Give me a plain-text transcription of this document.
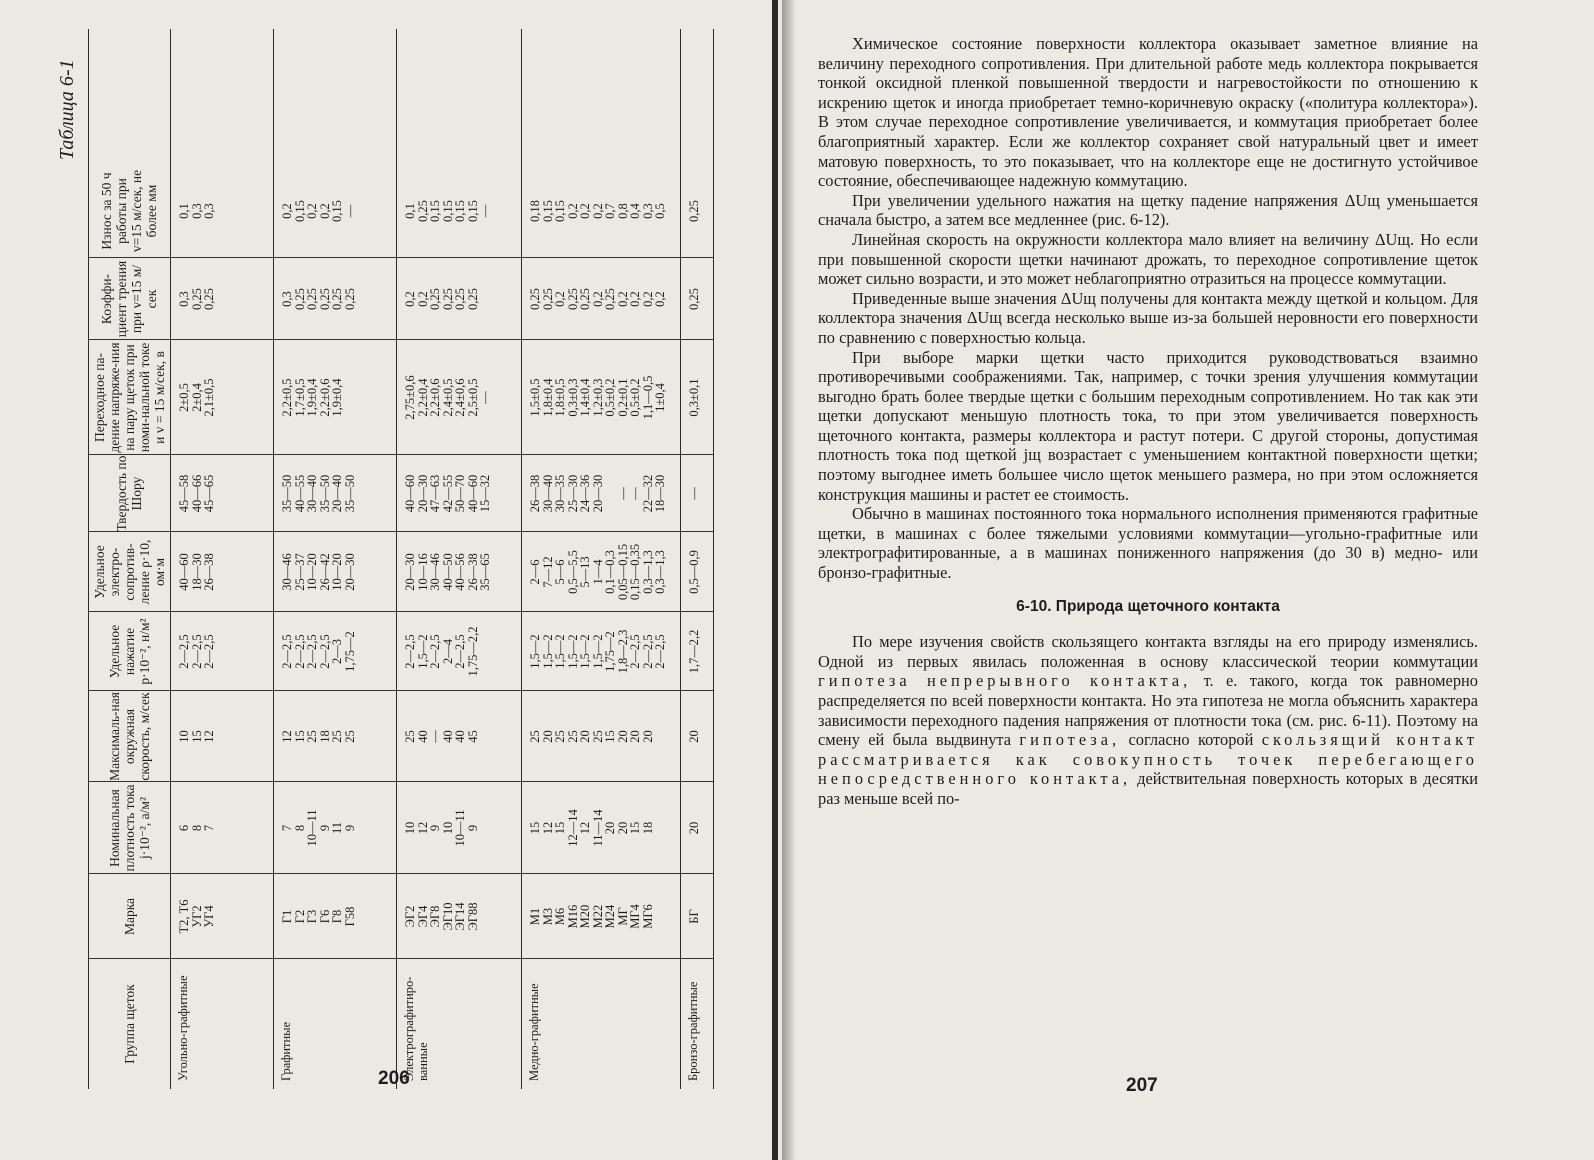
Таблица 6-1
Группа щеток
Марка
Номинальная плотность тока j·10⁻², а/м²
Максималь-ная окружная скорость, м/сек
Удельное нажатие p·10⁻², н/м²
Удельное электро-сопротив-ление ρ·10, ом·м
Твердость по Шору
Переходное па-дение напряже-ния на пару щеток при номи-нальной токе и v = 15 м/сек, в
Коэффи-циент трения при v=15 м/сек
Износ за 50 ч работы при v=15 м/сек, не более мм
Угольно-графитные
Т2, Т6
6
10
2—2,5
40—60
45—58
2±0,5
0,3
0,1
УГ2
8
15
2—2,5
18—30
40—66
2±0,4
0,25
0,3
УГ4
7
12
2—2,5
26—38
45—65
2,1±0,5
0,25
0,3
Графитные
Г1
7
12
2—2,5
30—46
35—50
2,2±0,5
0,3
0,2
Г2
8
15
2—2,5
25—37
40—55
1,7±0,5
0,25
0,15
Г3
10—11
25
2—2,5
10—20
30—40
1,9±0,4
0,25
0,2
Г6
9
18
2—2,5
26—42
35—50
2,2±0,6
0,25
0,2
Г8
11
25
2—3
10—20
20—40
1,9±0,4
0,25
0,15
Г58
9
25
1,75—2
20—30
35—50
0,25
—
Электрографитиро-ванные
ЭГ2
10
25
2—2,5
20—30
40—60
2,75±0,6
0,2
0,1
ЭГ4
12
40
1,5—2
10—16
20—30
2,2±0,4
0,2
0,25
ЭГ8
9
—
2—2,5
30—46
47—63
2,2±0,6
0,25
0,15
ЭГ10
10
40
2—4
40—50
42—55
2,4±0,5
0,25
0,15
ЭГ14
10—11
40
2—2,5
40—56
50—70
2,4±0,6
0,25
0,15
ЭГ88
9
45
1,75—2,2
26—38
40—60
2,5±0,5
0,25
0,15
35—65
15—32
—
—
Медно-графитные
М1
15
25
1,5—2
2—6
26—38
1,5±0,5
0,25
0,18
М3
12
20
1,5—2
7—12
30—40
1,8±0,4
0,25
0,15
М6
15
25
1,5—2
5—6
30—35
1,8±0,5
0,2
0,15
М16
12—14
25
1,5—2
0,5—5,5
25—30
0,3±0,3
0,25
0,2
М20
12
20
1,5—2
5—13
24—36
1,4±0,4
0,25
0,2
М22
11—14
25
1,5—2
1—4
20—30
1,2±0,3
0,2
0,2
М24
20
15
1,75—2
0,1—0,3
0,5±0,2
0,25
0,7
МГ
20
20
1,8—2,3
0,05—0,15
—
0,2±0,1
0,2
0,8
МГ4
15
20
2—2,5
0,15—0,35
—
0,5±0,2
0,2
0,4
МГ6
18
20
2—2,5
0,3—1,3
22—32
1,1—0,5
0,2
0,3
2—2,5
0,3—1,3
18—30
1±0,4
0,2
0,5
Бронзо-графитные
БГ
20
20
1,7—2,2
0,5—0,9
—
0,3±0,1
0,25
0,25
206

Химическое состояние поверхности коллектора оказывает заметное влияние на величину переходного сопротивления. При длительной работе медь коллектора покрывается тонкой оксидной пленкой повышенной твердости и нагревостойкости по отношению к искрению щеток и иногда приобретает темно-коричневую окраску («политура коллектора»). В этом случае переходное сопротивление увеличивается, и коммутация приобретает более благоприятный характер. Если же коллектор сохраняет свой натуральный цвет и имеет матовую поверхность, то это показывает, что на коллекторе еще не достигнуто устойчивое состояние, обеспечивающее надежную коммутацию.

При увеличении удельного нажатия на щетку падение напряжения ΔUщ уменьшается сначала быстро, а затем все медленнее (рис. 6-12).

Линейная скорость на окружности коллектора мало влияет на величину ΔUщ. Но если при повышенной скорости щетки начинают дрожать, то переходное сопротивление щеток может сильно возрасти, и это может неблагоприятно отразиться на процессе коммутации.

Приведенные выше значения ΔUщ получены для контакта между щеткой и кольцом. Для коллектора значения ΔUщ всегда несколько выше из-за большей неровности его поверхности по сравнению с поверхностью кольца.

При выборе марки щетки часто приходится руководствоваться взаимно противоречивыми соображениями. Так, например, с точки зрения улучшения коммутации выгодно брать более твердые щетки с большим переходным сопротивлением. Но так как эти щетки допускают меньшую плотность тока, то при этом увеличивается поверхность щеточного контакта, размеры коллектора и растут потери. С другой стороны, допустимая плотность тока под щеткой jщ возрастает с уменьшением контактной поверхности щетки; поэтому выгоднее иметь большее число щеток меньшего размера, но при этом осложняется конструкция машины и растет ее стоимость.

Обычно в машинах постоянного тока нормального исполнения применяются графитные щетки, в машинах с более тяжелыми условиями коммутации—угольно-графитные или электрографитированные, а в машинах пониженного напряжения (до 30 в) медно- или бронзо-графитные.

6-10. Природа щеточного контакта

По мере изучения свойств скользящего контакта взгляды на его природу изменялись. Одной из первых явилась положенная в основу классической теории коммутации гипотеза непрерывного контакта, т. е. такого, когда ток равномерно распределяется по всей поверхности контакта. Но эта гипотеза не могла объяснить характера зависимости переходного падения напряжения от плотности тока (см. рис. 6-11). Поэтому на смену ей была выдвинута гипотеза, согласно которой скользящий контакт рассматривается как совокупность точек перебегающего непосредственного контакта, действительная поверхность которых в десятки раз меньше всей по-

207
